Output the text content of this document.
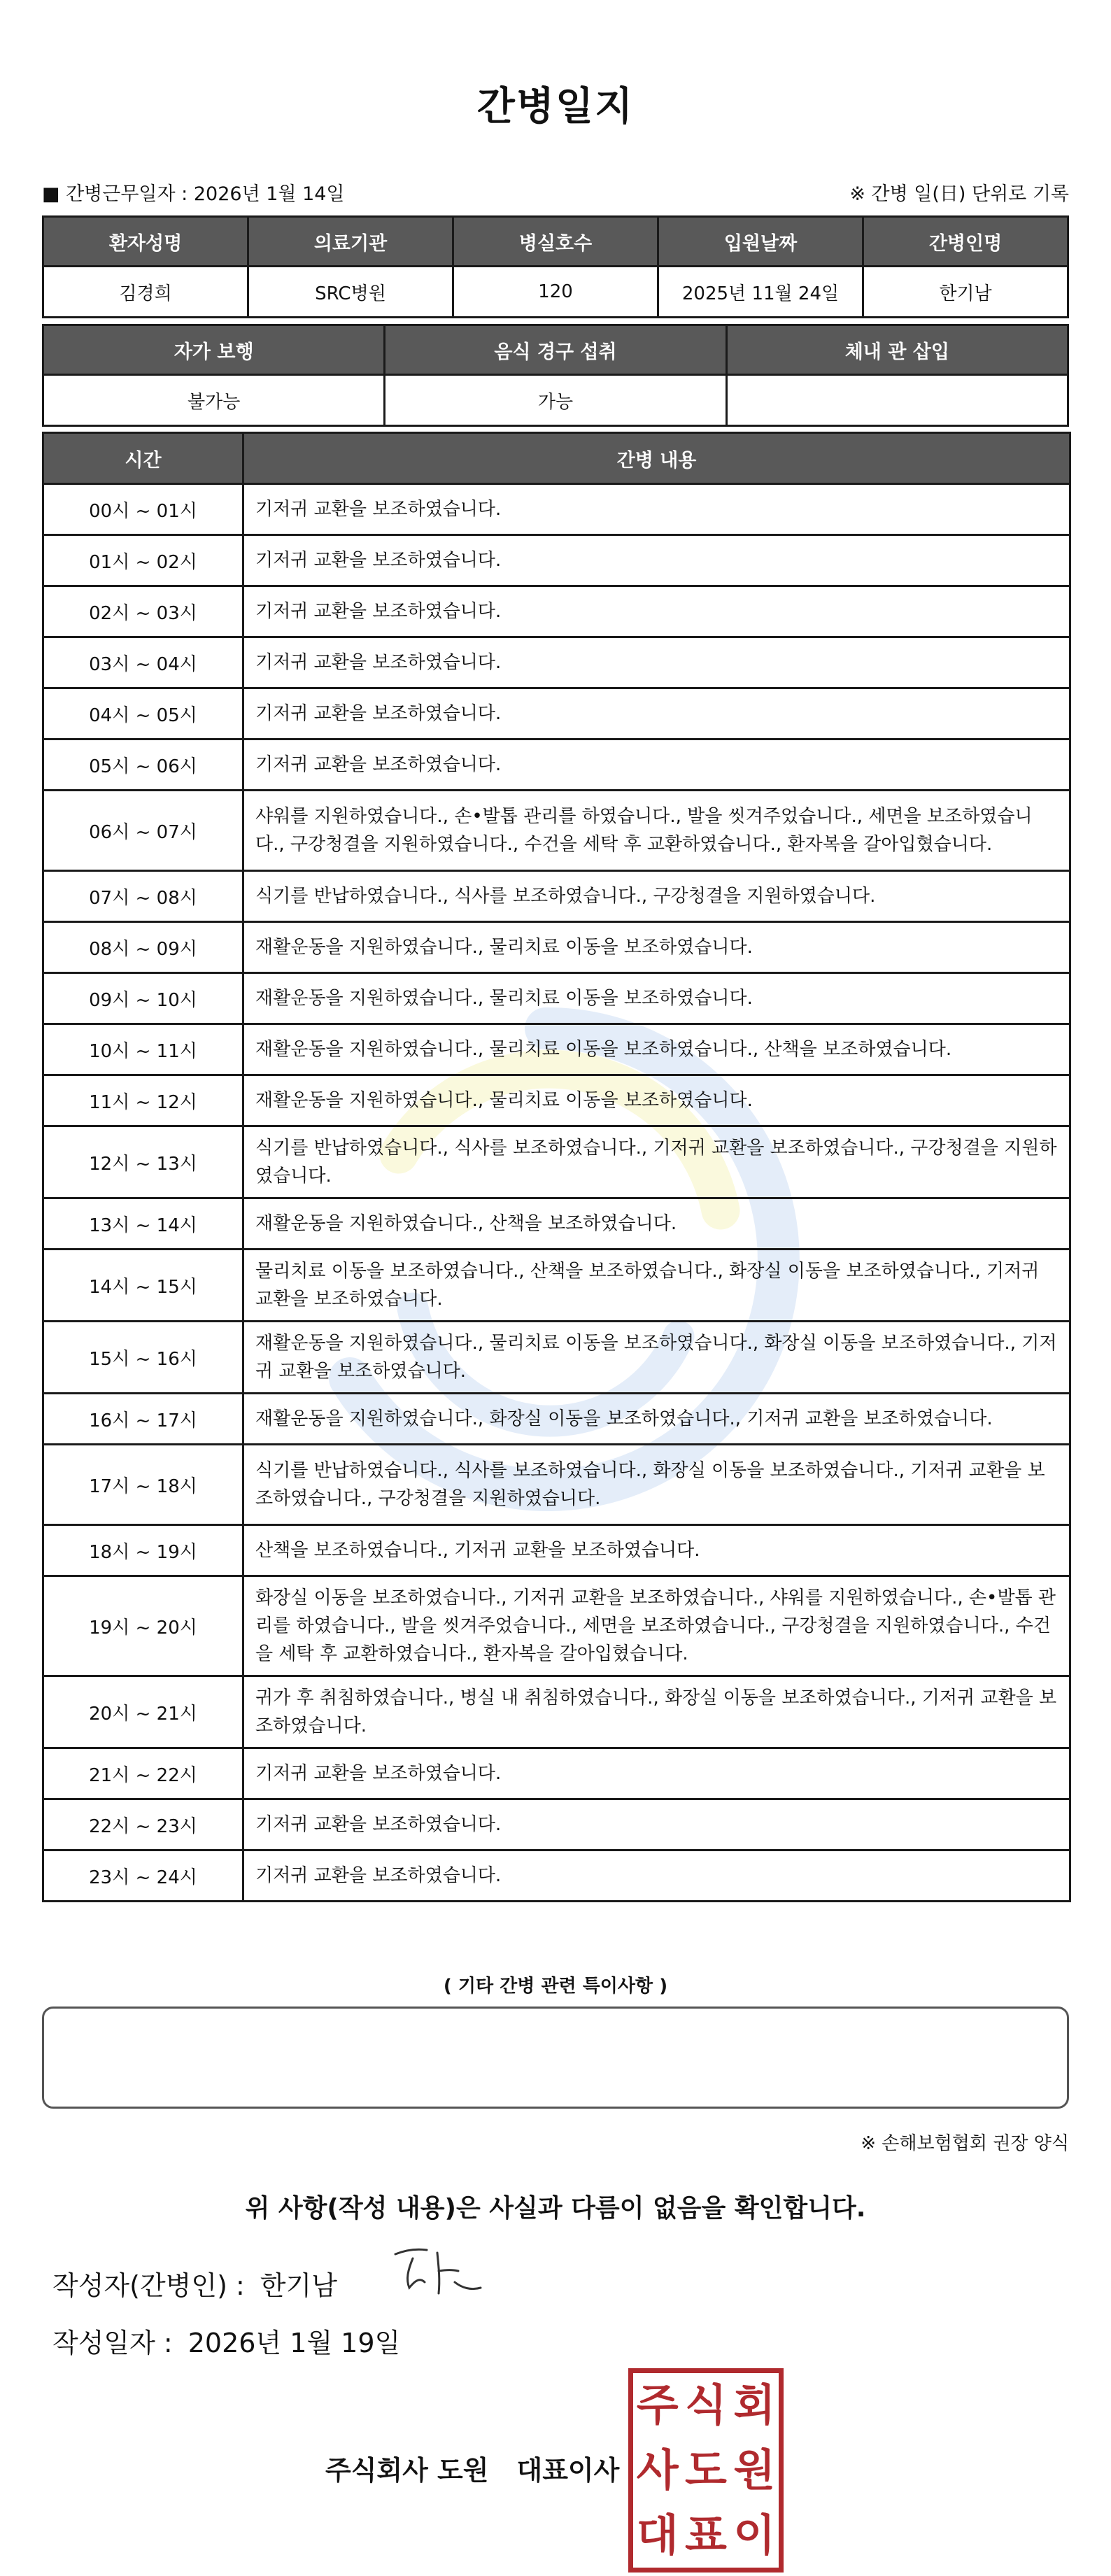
간병일지
■ 간병근무일자 : 2026년 1월 14일	※ 간병 일(日) 단위로 기록
환자성명	의료기관	병실호수	입원날짜	간병인명
김경희	SRC병원	120	2025년 11월 24일	한기남
자가 보행	음식 경구 섭취	체내 관 삽입
불가능	가능	
시간	간병 내용
00시 ~ 01시	기저귀 교환을 보조하였습니다.
01시 ~ 02시	기저귀 교환을 보조하였습니다.
02시 ~ 03시	기저귀 교환을 보조하였습니다.
03시 ~ 04시	기저귀 교환을 보조하였습니다.
04시 ~ 05시	기저귀 교환을 보조하였습니다.
05시 ~ 06시	기저귀 교환을 보조하였습니다.
06시 ~ 07시	샤워를 지원하였습니다., 손•발톱 관리를 하였습니다., 발을 씻겨주었습니다., 세면을 보조하였습니다., 구강청결을 지원하였습니다., 수건을 세탁 후 교환하였습니다., 환자복을 갈아입혔습니다.
07시 ~ 08시	식기를 반납하였습니다., 식사를 보조하였습니다., 구강청결을 지원하였습니다.
08시 ~ 09시	재활운동을 지원하였습니다., 물리치료 이동을 보조하였습니다.
09시 ~ 10시	재활운동을 지원하였습니다., 물리치료 이동을 보조하였습니다.
10시 ~ 11시	재활운동을 지원하였습니다., 물리치료 이동을 보조하였습니다., 산책을 보조하였습니다.
11시 ~ 12시	재활운동을 지원하였습니다., 물리치료 이동을 보조하였습니다.
12시 ~ 13시	식기를 반납하였습니다., 식사를 보조하였습니다., 기저귀 교환을 보조하였습니다., 구강청결을 지원하였습니다.
13시 ~ 14시	재활운동을 지원하였습니다., 산책을 보조하였습니다.
14시 ~ 15시	물리치료 이동을 보조하였습니다., 산책을 보조하였습니다., 화장실 이동을 보조하였습니다., 기저귀 교환을 보조하였습니다.
15시 ~ 16시	재활운동을 지원하였습니다., 물리치료 이동을 보조하였습니다., 화장실 이동을 보조하였습니다., 기저귀 교환을 보조하였습니다.
16시 ~ 17시	재활운동을 지원하였습니다., 화장실 이동을 보조하였습니다., 기저귀 교환을 보조하였습니다.
17시 ~ 18시	식기를 반납하였습니다., 식사를 보조하였습니다., 화장실 이동을 보조하였습니다., 기저귀 교환을 보조하였습니다., 구강청결을 지원하였습니다.
18시 ~ 19시	산책을 보조하였습니다., 기저귀 교환을 보조하였습니다.
19시 ~ 20시	화장실 이동을 보조하였습니다., 기저귀 교환을 보조하였습니다., 샤워를 지원하였습니다., 손•발톱 관리를 하였습니다., 발을 씻겨주었습니다., 세면을 보조하였습니다., 구강청결을 지원하였습니다., 수건을 세탁 후 교환하였습니다., 환자복을 갈아입혔습니다.
20시 ~ 21시	귀가 후 취침하였습니다., 병실 내 취침하였습니다., 화장실 이동을 보조하였습니다., 기저귀 교환을 보조하였습니다.
21시 ~ 22시	기저귀 교환을 보조하였습니다.
22시 ~ 23시	기저귀 교환을 보조하였습니다.
23시 ~ 24시	기저귀 교환을 보조하였습니다.
( 기타 간병 관련 특이사항 )
※ 손해보험협회 권장 양식
위 사항(작성 내용)은 사실과 다름이 없음을 확인합니다.
작성자(간병인) : 한기남
작성일자 : 2026년 1월 19일
주식회사 도원 대표이사
주 식 회
사 도 원
대 표 이
